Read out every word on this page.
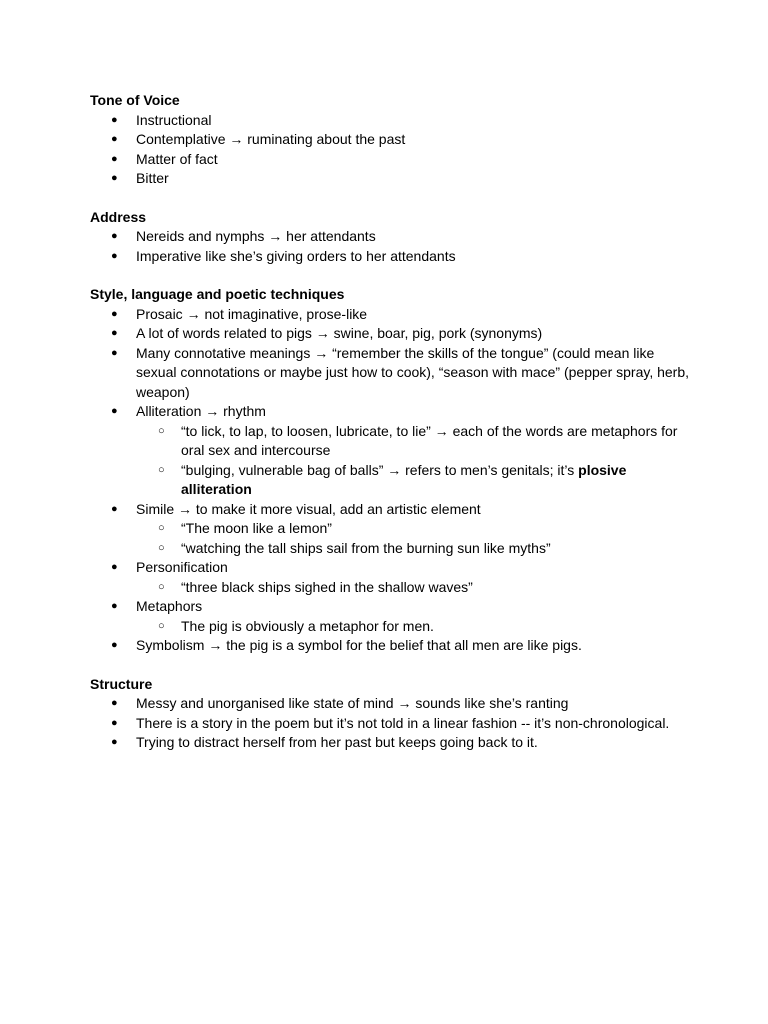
Tone of Voice
● Instructional
● Contemplative → ruminating about the past
● Matter of fact
● Bitter
Address
● Nereids and nymphs → her attendants
● Imperative like she’s giving orders to her attendants
Style, language and poetic techniques
● Prosaic → not imaginative, prose-like
● A lot of words related to pigs → swine, boar, pig, pork (synonyms)
● Many connotative meanings → “remember the skills of the tongue” (could mean like sexual connotations or maybe just how to cook), “season with mace” (pepper spray, herb, weapon)
● Alliteration → rhythm
○ “to lick, to lap, to loosen, lubricate, to lie” → each of the words are metaphors for oral sex and intercourse
○ “bulging, vulnerable bag of balls” → refers to men’s genitals; it’s plosive alliteration
● Simile → to make it more visual, add an artistic element
○ “The moon like a lemon”
○ “watching the tall ships sail from the burning sun like myths”
● Personification
○ “three black ships sighed in the shallow waves”
● Metaphors
○ The pig is obviously a metaphor for men.
● Symbolism → the pig is a symbol for the belief that all men are like pigs.
Structure
● Messy and unorganised like state of mind → sounds like she’s ranting
● There is a story in the poem but it’s not told in a linear fashion -- it’s non-chronological.
● Trying to distract herself from her past but keeps going back to it.
